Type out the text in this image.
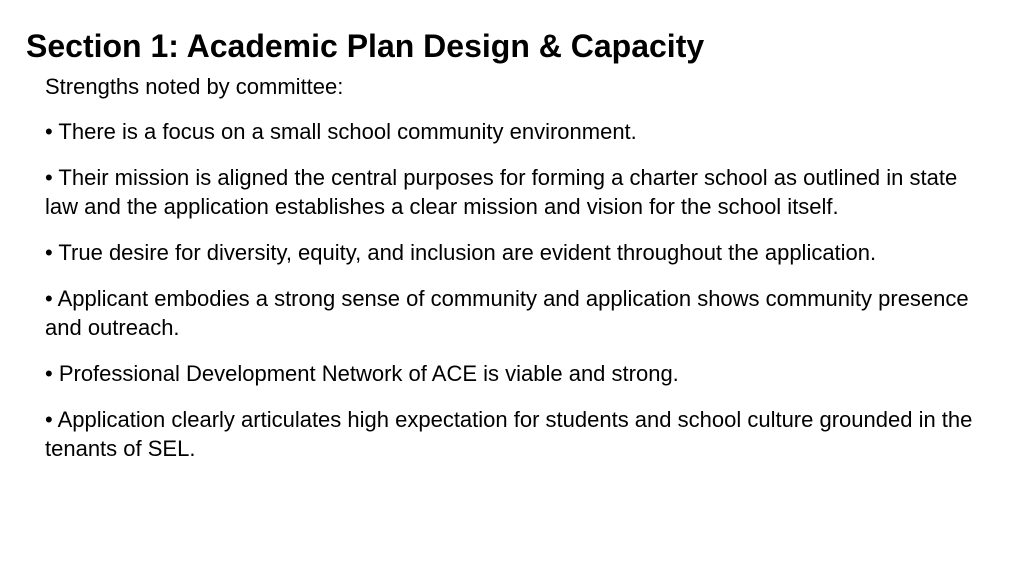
Section 1: Academic Plan Design & Capacity

Strengths noted by committee:

• There is a focus on a small school community environment.
• Their mission is aligned the central purposes for forming a charter school as outlined in state law and the application establishes a clear mission and vision for the school itself.
• True desire for diversity, equity, and inclusion are evident throughout the application.
• Applicant embodies a strong sense of community and application shows community presence and outreach.
• Professional Development Network of ACE is viable and strong.
• Application clearly articulates high expectation for students and school culture grounded in the tenants of SEL.
